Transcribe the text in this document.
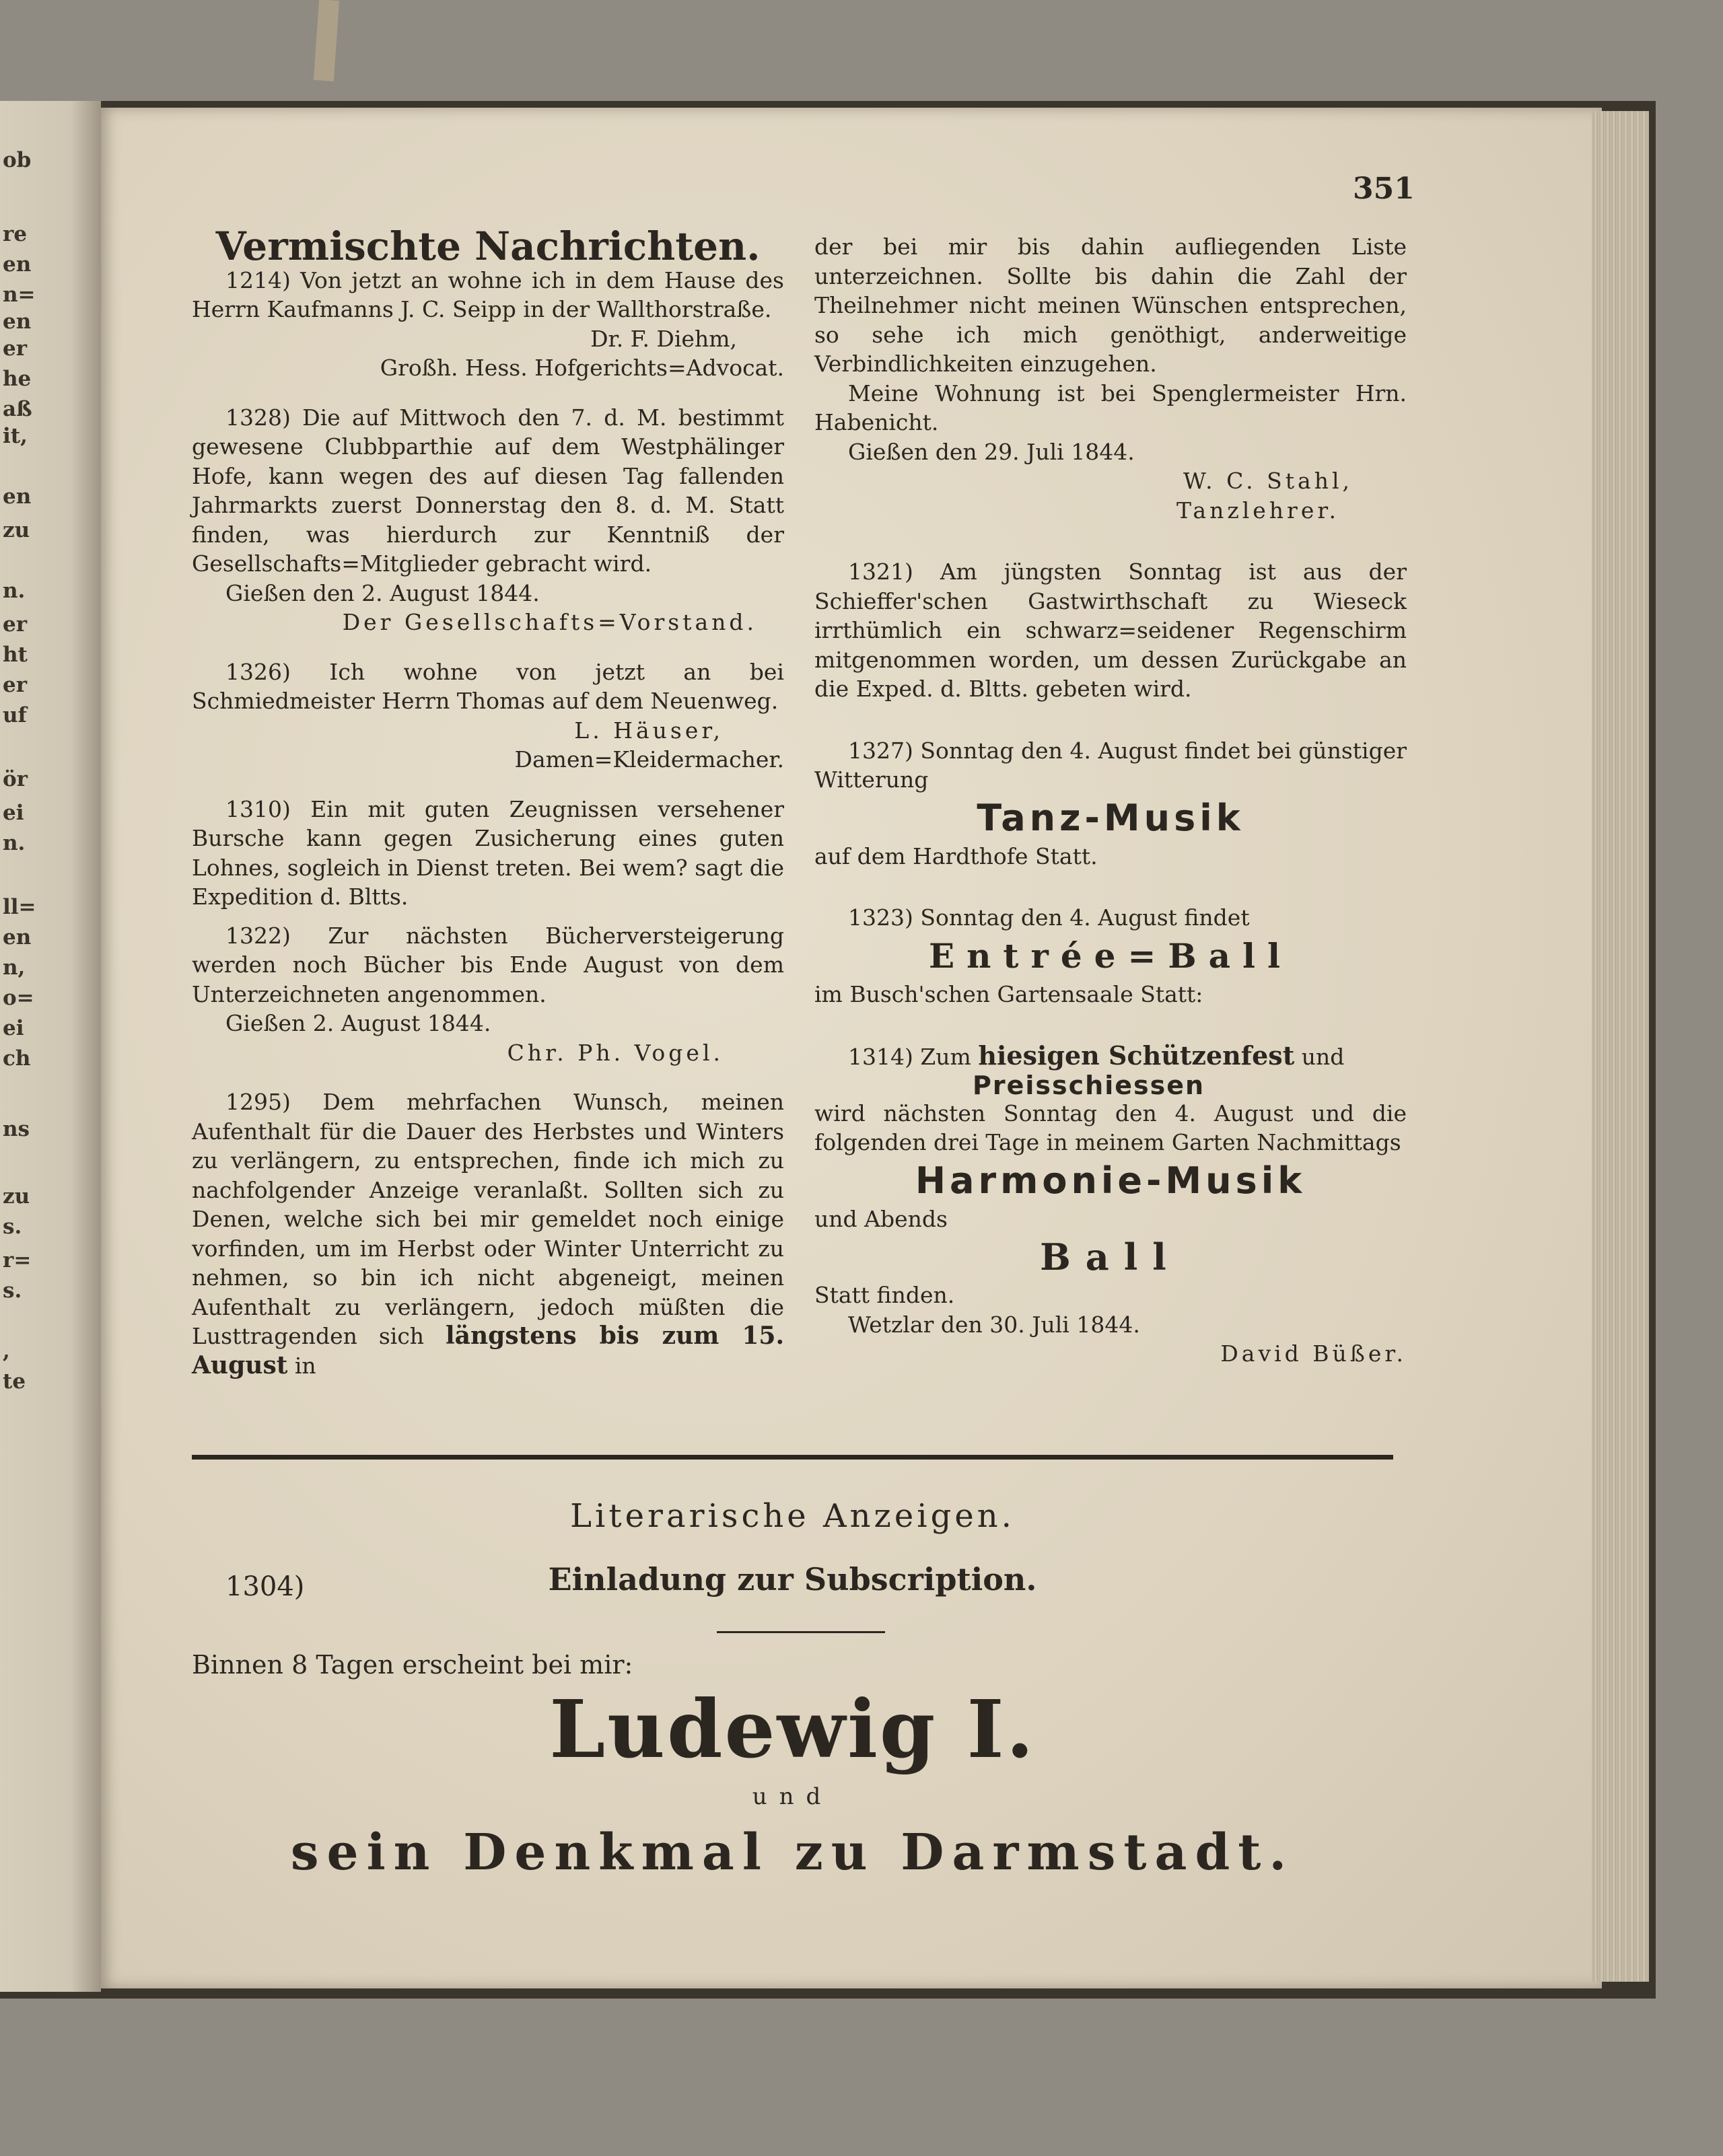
ob
re
en
n=
en
er
he
aß
it,
en
zu
n.
er
ht
er
uf
ör
ei
n.
ll=
en
n,
o=
ei
ch
ns
zu
s.
r=
s.
,
te
351

Vermischte Nachrichten.

1214) Von jetzt an wohne ich in dem Hause des Herrn Kaufmanns J. C. Seipp in der Wallthorstraße.

Dr. F. Diehm,

Großh. Hess. Hofgerichts=Advocat.

1328) Die auf Mittwoch den 7. d. M. bestimmt gewesene Clubbparthie auf dem Westphälinger Hofe, kann wegen des auf diesen Tag fallenden Jahrmarkts zuerst Donnerstag den 8. d. M. Statt finden, was hierdurch zur Kenntniß der Gesellschafts=Mitglieder gebracht wird.

Gießen den 2. August 1844.

Der Gesellschafts=Vorstand.

1326) Ich wohne von jetzt an bei Schmiedmeister Herrn Thomas auf dem Neuenweg.

L. Häuser,

Damen=Kleidermacher.

1310) Ein mit guten Zeugnissen versehener Bursche kann gegen Zusicherung eines guten Lohnes, sogleich in Dienst treten. Bei wem? sagt die Expedition d. Bltts.

1322) Zur nächsten Bücherversteigerung werden noch Bücher bis Ende August von dem Unterzeichneten angenommen.

Gießen 2. August 1844.

Chr. Ph. Vogel.

1295) Dem mehrfachen Wunsch, meinen Aufenthalt für die Dauer des Herbstes und Winters zu verlängern, zu entsprechen, finde ich mich zu nachfolgender Anzeige veranlaßt. Sollten sich zu Denen, welche sich bei mir gemeldet noch einige vorfinden, um im Herbst oder Winter Unterricht zu nehmen, so bin ich nicht abgeneigt, meinen Aufenthalt zu verlängern, jedoch müßten die Lusttragenden sich längstens bis zum 15. August in

der bei mir bis dahin aufliegenden Liste unterzeichnen. Sollte bis dahin die Zahl der Theilnehmer nicht meinen Wünschen entsprechen, so sehe ich mich genöthigt, anderweitige Verbindlichkeiten einzugehen.

Meine Wohnung ist bei Spenglermeister Hrn. Habenicht.

Gießen den 29. Juli 1844.

W. C. Stahl,

Tanzlehrer.

1321) Am jüngsten Sonntag ist aus der Schieffer'schen Gastwirthschaft zu Wieseck irrthümlich ein schwarz=seidener Regenschirm mitgenommen worden, um dessen Zurückgabe an die Exped. d. Bltts. gebeten wird.

1327) Sonntag den 4. August findet bei günstiger Witterung

Tanz-Musik

auf dem Hardthofe Statt.

1323) Sonntag den 4. August findet

Entrée=Ball

im Busch'schen Gartensaale Statt:

1314) Zum hiesigen Schützenfest und

Preisschiessen

wird nächsten Sonntag den 4. August und die folgenden drei Tage in meinem Garten Nachmittags

Harmonie-Musik

und Abends

Ball

Statt finden.

Wetzlar den 30. Juli 1844.

David Büßer.

Literarische Anzeigen.
1304)	Einladung zur Subscription.
Binnen 8 Tagen erscheint bei mir:
Ludewig I.
und
sein Denkmal zu Darmstadt.
